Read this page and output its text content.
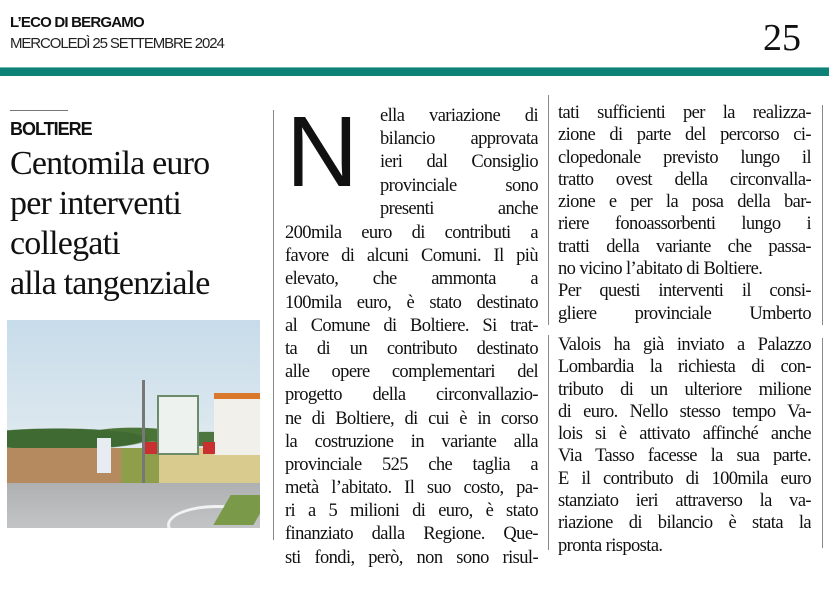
L’ECO DI BERGAMO
MERCOLEDÌ 25 SETTEMBRE 2024	25
BOLTIERE
Centomila euro
per interventi
collegati
alla tangenziale
N	ella variazione di
bilancio approvata
ieri dal Consiglio
provinciale sono
presenti anche
200mila euro di contributi a
favore di alcuni Comuni. Il più
elevato, che ammonta a
100mila euro, è stato destinato
al Comune di Boltiere. Si trat-
ta di un contributo destinato
alle opere complementari del
progetto della circonvallazio-
ne di Boltiere, di cui è in corso
la costruzione in variante alla
provinciale 525 che taglia a
metà l’abitato. Il suo costo, pa-
ri a 5 milioni di euro, è stato
finanziato dalla Regione. Que-
sti fondi, però, non sono risul-
tati sufficienti per la realizza-
zione di parte del percorso ci-
clopedonale previsto lungo il
tratto ovest della circonvalla-
zione e per la posa della bar-
riere fonoassorbenti lungo i
tratti della variante che passa-
no vicino l’abitato di Boltiere.
Per questi interventi il consi-
gliere provinciale Umberto
Valois ha già inviato a Palazzo
Lombardia la richiesta di con-
tributo di un ulteriore milione
di euro. Nello stesso tempo Va-
lois si è attivato affinché anche
Via Tasso facesse la sua parte.
E il contributo di 100mila euro
stanziato ieri attraverso la va-
riazione di bilancio è stata la
pronta risposta.
